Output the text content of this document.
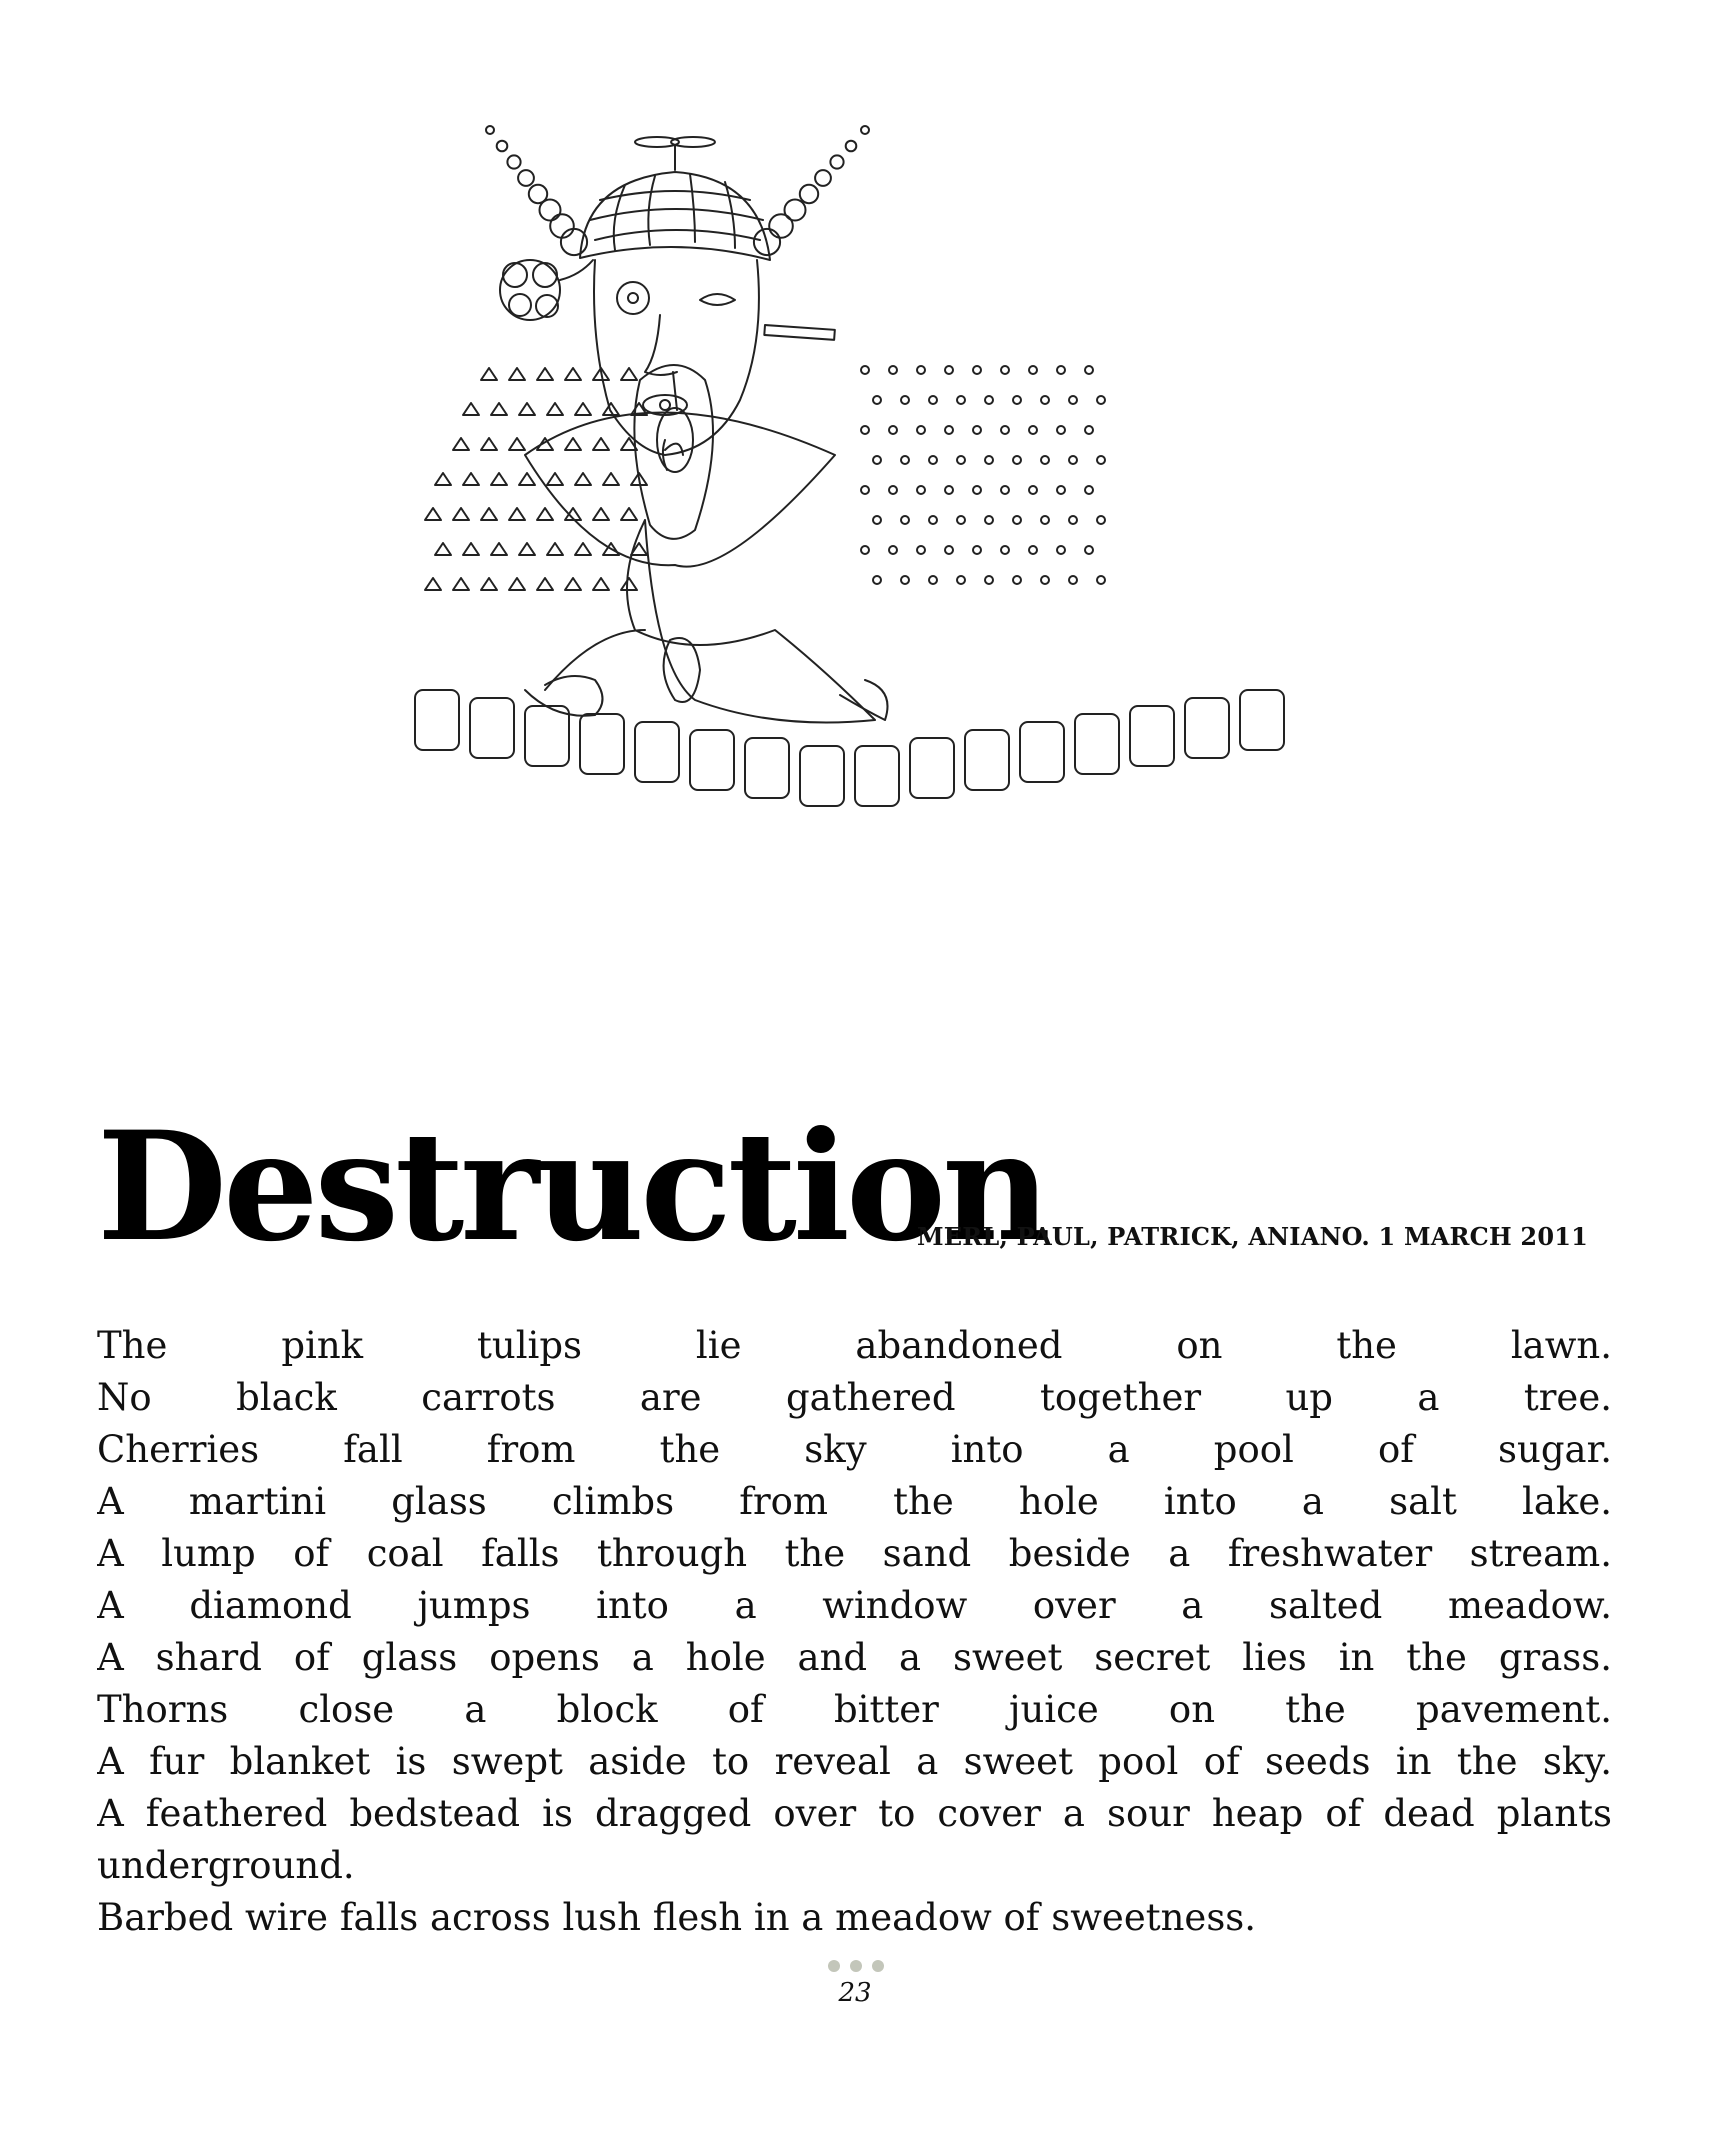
Destruction
MERL, PAUL, PATRICK, ANIANO. 1 MARCH 2011
The pink tulips lie abandoned on the lawn.
No black carrots are gathered together up a tree.
Cherries fall from the sky into a pool of sugar.
A martini glass climbs from the hole into a salt lake.
A lump of coal falls through the sand beside a freshwater stream.
A diamond jumps into a window over a salted meadow.
A shard of glass opens a hole and a sweet secret lies in the grass.
Thorns close a block of bitter juice on the pavement.
A fur blanket is swept aside to reveal a sweet pool of seeds in the sky.
A feathered bedstead is dragged over to cover a sour heap of dead plants underground.
Barbed wire falls across lush flesh in a meadow of sweetness.
23
